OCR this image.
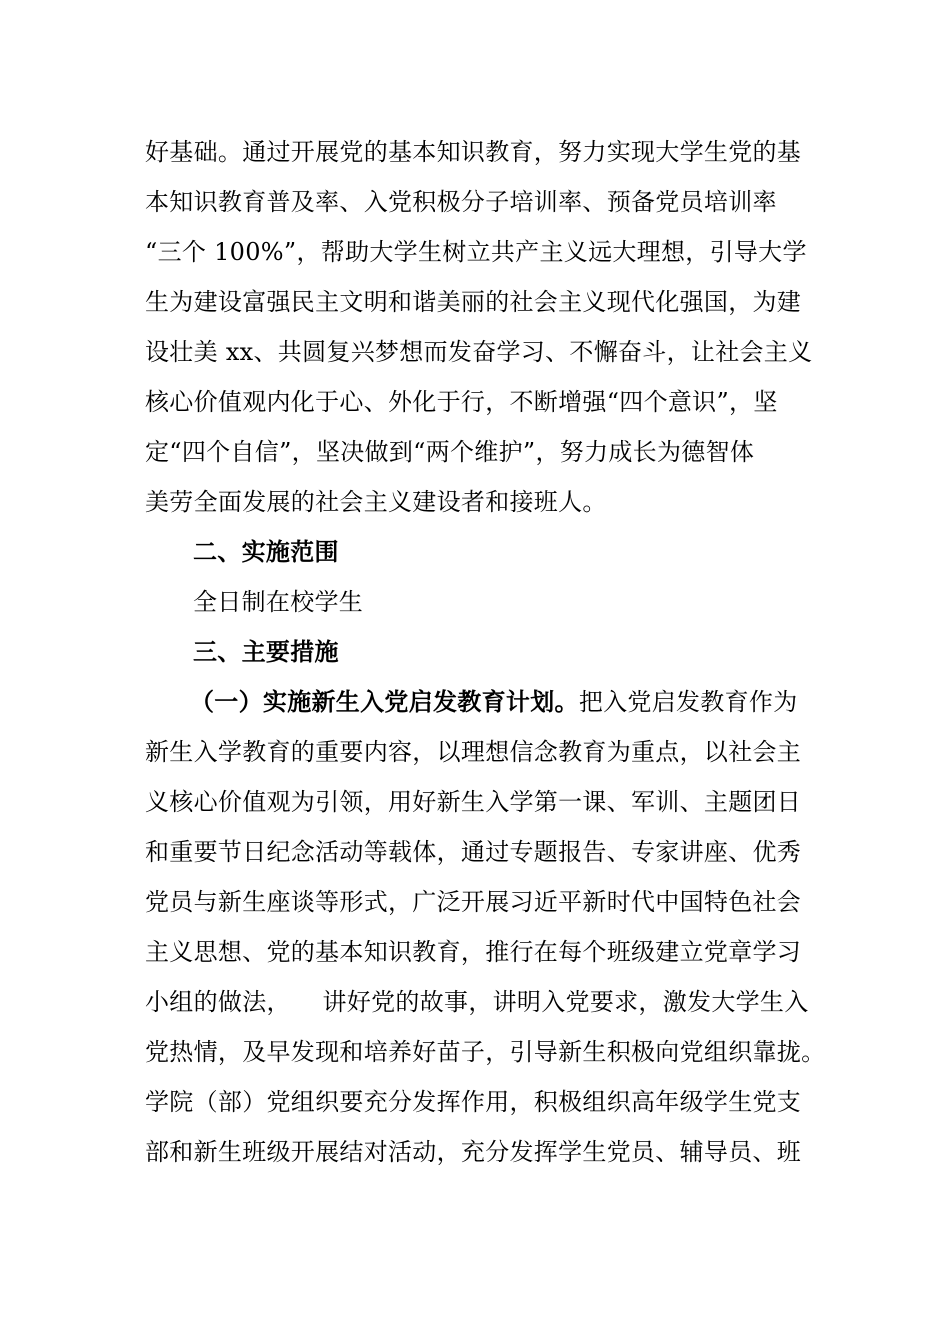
好基础。通过开展党的基本知识教育，努力实现大学生党的基
本知识教育普及率、入党积极分子培训率、预备党员培训率
“三个 100%”，帮助大学生树立共产主义远大理想，引导大学
生为建设富强民主文明和谐美丽的社会主义现代化强国，为建
设壮美 xx、共圆复兴梦想而发奋学习、不懈奋斗，让社会主义
核心价值观内化于心、外化于行，不断增强“四个意识”，坚
定“四个自信”，坚决做到“两个维护”，努力成长为德智体
美劳全面发展的社会主义建设者和接班人。
二、实施范围
全日制在校学生
三、主要措施
（一）实施新生入党启发教育计划。把入党启发教育作为
新生入学教育的重要内容，以理想信念教育为重点，以社会主
义核心价值观为引领，用好新生入学第一课、军训、主题团日
和重要节日纪念活动等载体，通过专题报告、专家讲座、优秀
党员与新生座谈等形式，广泛开展习近平新时代中国特色社会
主义思想、党的基本知识教育，推行在每个班级建立党章学习
小组的做法，    讲好党的故事，讲明入党要求，激发大学生入
党热情，及早发现和培养好苗子，引导新生积极向党组织靠拢。
学院（部）党组织要充分发挥作用，积极组织高年级学生党支
部和新生班级开展结对活动，充分发挥学生党员、辅导员、班
